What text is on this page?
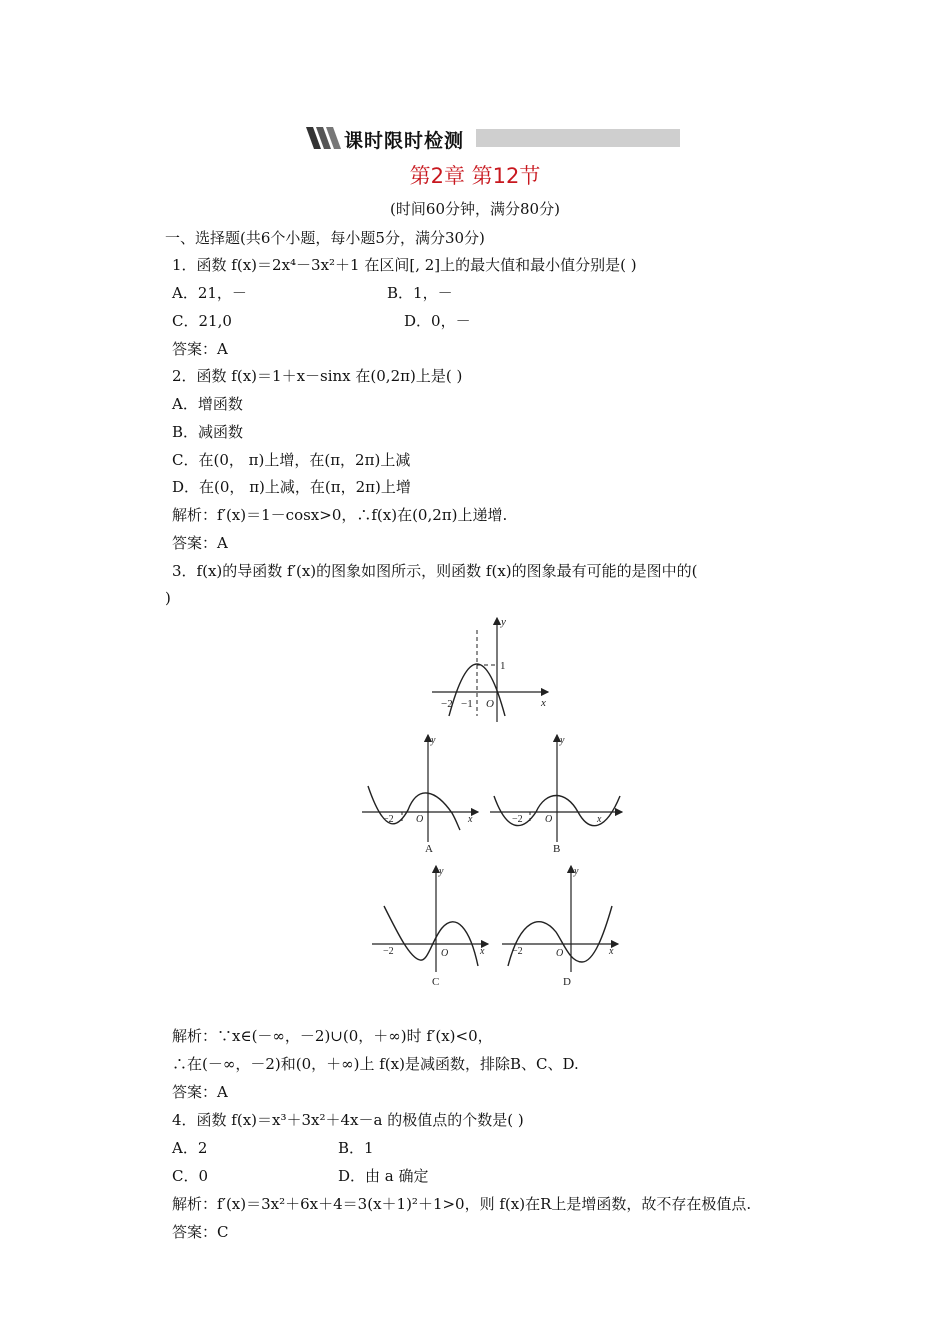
课时限时检测
第2章 第12节
(时间60分钟，满分80分)
一、选择题(共6个小题，每小题5分，满分30分)
1．函数 f(x)＝2x⁴－3x²＋1 在区间[, 2]上的最大值和最小值分别是( )
A．21，－	B．1，－
C．21,0	D．0，－
答案：A
2．函数 f(x)＝1＋x－sinx 在(0,2π)上是( )
A．增函数
B．减函数
C．在(0， π)上增，在(π，2π)上减
D．在(0， π)上减，在(π，2π)上增
解析：f′(x)＝1－cosx>0，∴f(x)在(0,2π)上递增.
答案：A
3．f(x)的导函数 f′(x)的图象如图所示，则函数 f(x)的图象最有可能的是图中的(
)
y
x
O
−2 −1
1
y
x
O
−2
A
y
x
O
−2
B
y
x
O
−2
C
y
x
O
−2
D
解析：∵x∈(－∞，－2)∪(0，＋∞)时 f′(x)<0，
∴在(－∞，－2)和(0，＋∞)上 f(x)是减函数，排除B、C、D.
答案：A
4．函数 f(x)＝x³＋3x²＋4x－a 的极值点的个数是( )
A．2	B．1
C．0	D．由 a 确定
解析：f′(x)＝3x²＋6x＋4＝3(x＋1)²＋1>0，则 f(x)在R上是增函数，故不存在极值点.
答案：C
